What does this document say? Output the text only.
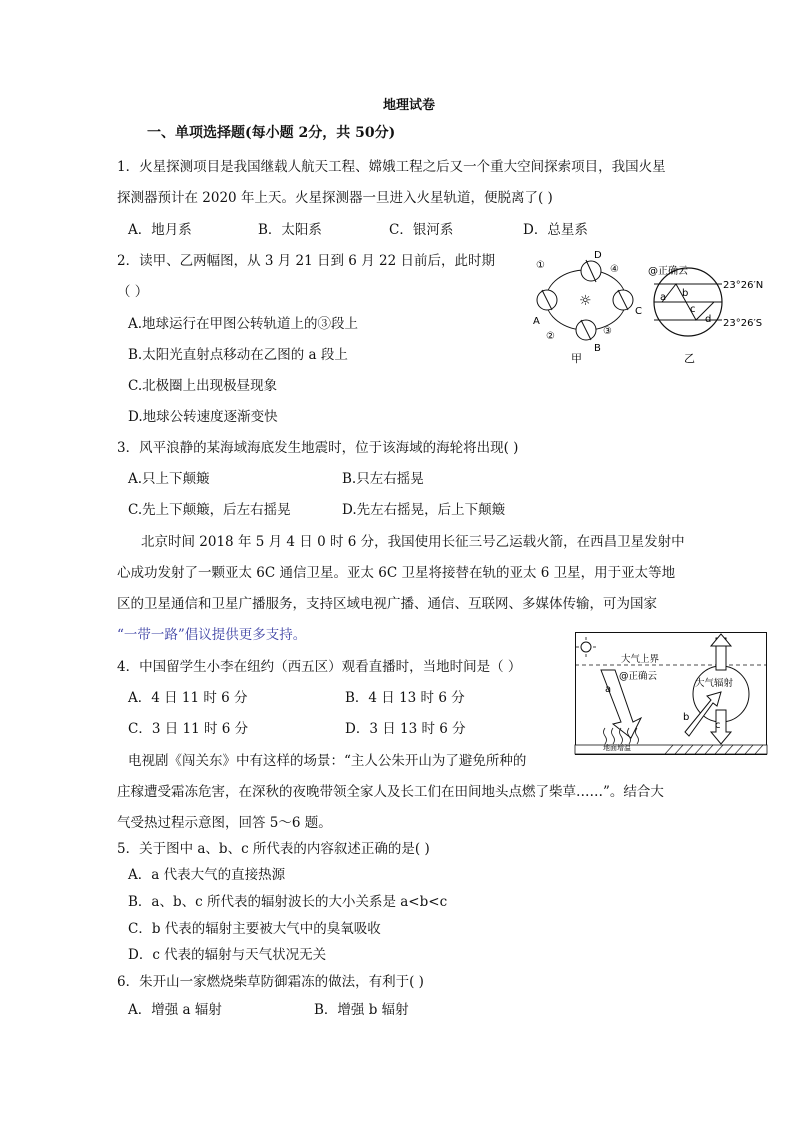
地理试卷
一、单项选择题(每小题 2分，共 50分)
1．火星探测项目是我国继载人航天工程、嫦娥工程之后又一个重大空间探索项目，我国火星
探测器预计在 2020 年上天。火星探测器一旦进入火星轨道，便脱离了( )
A．地月系	B．太阳系	C．银河系	D．总星系
2．读甲、乙两幅图，从 3 月 21 日到 6 月 22 日前后，此时期
（ ）
A.地球运行在甲图公转轨道上的③段上
B.太阳光直射点移动在乙图的 a 段上
C.北极圈上出现极昼现象
D.地球公转速度逐渐变快
①
D
④
A
②
C
B
③
甲
☼
@正确云
23°26′N
23°26′S
a b
c
d
乙
3．风平浪静的某海域海底发生地震时，位于该海域的海轮将出现( )
A.只上下颠簸	B.只左右摇晃
C.先上下颠簸，后左右摇晃	D.先左右摇晃，后上下颠簸
北京时间 2018 年 5 月 4 日 0 时 6 分，我国使用长征三号乙运载火箭，在西昌卫星发射中
心成功发射了一颗亚太 6C 通信卫星。亚太 6C 卫星将接替在轨的亚太 6 卫星，用于亚太等地
区的卫星通信和卫星广播服务，支持区域电视广播、通信、互联网、多媒体传输，可为国家
“一带一路”倡议提供更多支持。
4．中国留学生小李在纽约（西五区）观看直播时，当地时间是（ ）
A．4 日 11 时 6 分	B．4 日 13 时 6 分
C．3 日 11 时 6 分	D．3 日 13 时 6 分
大气上界
@正确云
大气辐射
地面增温
a
b
c
电视剧《闯关东》中有这样的场景：“主人公朱开山为了避免所种的
庄稼遭受霜冻危害，在深秋的夜晚带领全家人及长工们在田间地头点燃了柴草……”。结合大
气受热过程示意图，回答 5～6 题。
5．关于图中 a、b、c 所代表的内容叙述正确的是( )
A．a 代表大气的直接热源
B．a、b、c 所代表的辐射波长的大小关系是 a<b<c
C．b 代表的辐射主要被大气中的臭氧吸收
D．c 代表的辐射与天气状况无关
6．朱开山一家燃烧柴草防御霜冻的做法，有利于( )
A．增强 a 辐射	B．增强 b 辐射
